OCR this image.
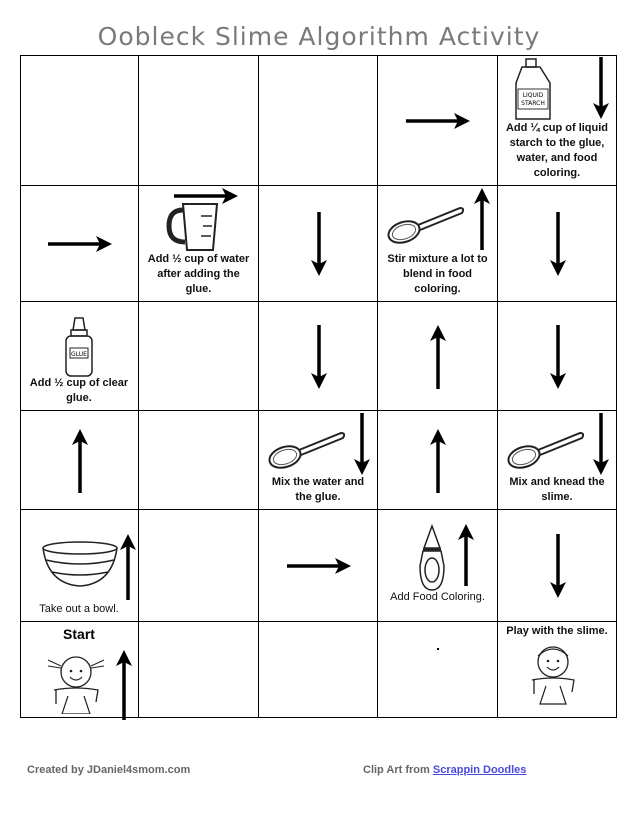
Oobleck Slime Algorithm Activity
LIQUID
STARCH
Add ¼ cup of liquid starch to the glue, water, and food coloring.
Add ½ cup of water after adding the glue.
Stir mixture a lot to blend in food coloring.
GLUE
Add ½ cup of clear glue.
Mix the water and the glue.
Mix and knead the slime.
Take out a bowl.
Add Food Coloring.
Start	Play with the slime.
Created by JDaniel4smom.com	Clip Art from Scrappin Doodles
